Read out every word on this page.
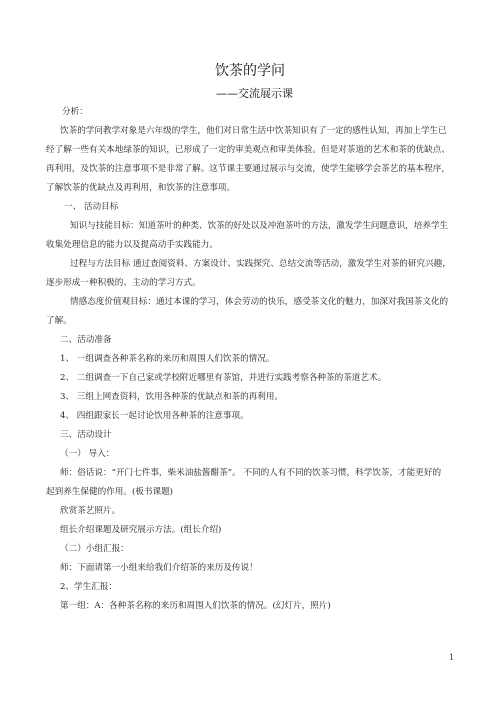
饮茶的学问
——交流展示课

分析：

饮茶的学问教学对象是六年级的学生，他们对日常生活中饮茶知识有了一定的感性认知，再加上学生已

经了解一些有关本地绿茶的知识，已形成了一定的审美观点和审美体验。但是对茶道的艺术和茶的优缺点、

再利用，及饮茶的注意事项不是非常了解。这节课主要通过展示与交流，使学生能够学会茶艺的基本程序，

了解饮茶的优缺点及再利用，和饮茶的注意事项。

一、 活动目标

知识与技能目标：知道茶叶的种类、饮茶的好处以及冲泡茶叶的方法，激发学生问题意识，培养学生

收集处理信息的能力以及提高动手实践能力。

过程与方法目标 通过查阅资料、方案设计、实践探究、总结交流等活动，激发学生对茶的研究兴趣，

逐步形成一种积极的、主动的学习方式。

情感态度价值观目标：通过本课的学习，体会劳动的快乐，感受茶文化的魅力，加深对我国茶文化的

了解。

二、活动准备

1、 一组调查各种茶名称的来历和周围人们饮茶的情况。

2、 二组调查一下自己家或学校附近哪里有茶馆，并进行实践考察各种茶的茶道艺术。

3、 三组上网查资料，饮用各种茶的优缺点和茶的再利用。

4、 四组跟家长一起讨论饮用各种茶的注意事项。

三、活动设计

（一） 导入：

师：俗话说：“开门七件事，柴米油盐酱醋茶”。 不同的人有不同的饮茶习惯，科学饮茶，才能更好的

起到养生保健的作用。(板书课题)

欣赏茶艺照片。

组长介绍课题及研究展示方法。(组长介绍)

（二）小组汇报：

师：下面请第一小组来给我们介绍茶的来历及传说！

2、学生汇报：

第一组：A：各种茶名称的来历和周围人们饮茶的情况。(幻灯片，照片)

1
